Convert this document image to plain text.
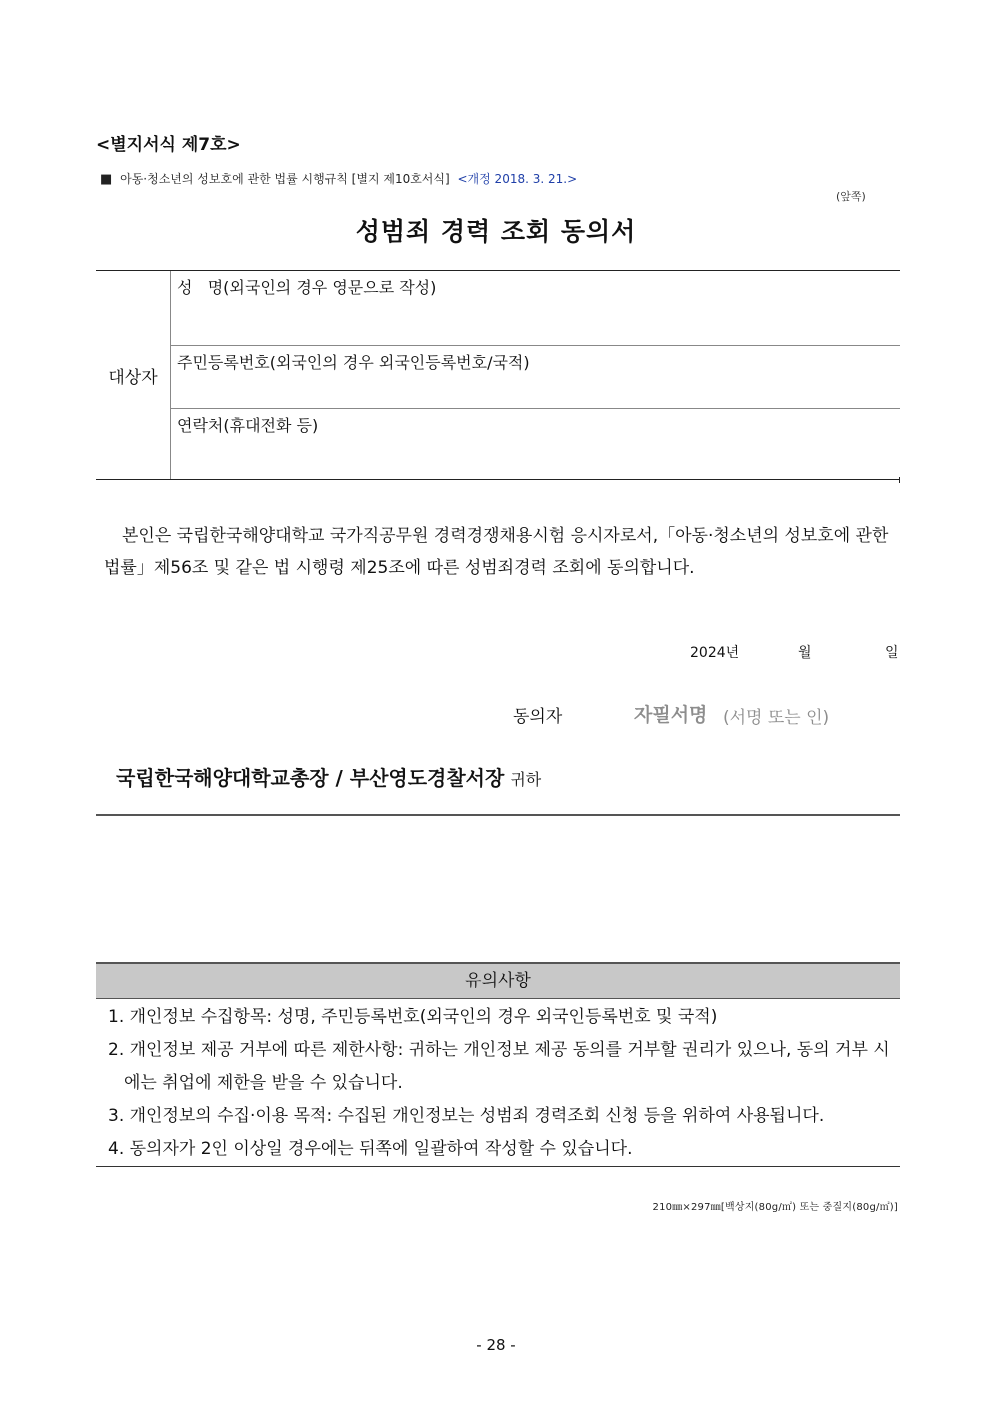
<별지서식 제7호>
■ 아동·청소년의 성보호에 관한 법률 시행규칙 [별지 제10호서식] <개정 2018. 3. 21.>
(앞쪽)
성범죄 경력 조회 동의서
대상자
성   명(외국인의 경우 영문으로 작성)
주민등록번호(외국인의 경우 외국인등록번호/국적)
연락처(휴대전화 등)
본인은 국립한국해양대학교 국가직공무원 경력경쟁채용시험 응시자로서,「아동·청소년의 성보호에 관한 법률」제56조 및 같은 법 시행령 제25조에 따른 성범죄경력 조회에 동의합니다.
2024년	월	일
동의자	자필서명 (서명 또는 인)
국립한국해양대학교총장 / 부산영도경찰서장 귀하
유의사항
1. 개인정보 수집항목: 성명, 주민등록번호(외국인의 경우 외국인등록번호 및 국적)
2. 개인정보 제공 거부에 따른 제한사항: 귀하는 개인정보 제공 동의를 거부할 권리가 있으나, 동의 거부 시에는 취업에 제한을 받을 수 있습니다.
3. 개인정보의 수집·이용 목적: 수집된 개인정보는 성범죄 경력조회 신청 등을 위하여 사용됩니다.
4. 동의자가 2인 이상일 경우에는 뒤쪽에 일괄하여 작성할 수 있습니다.
210㎜×297㎜[백상지(80g/㎡) 또는 중질지(80g/㎡)]
- 28 -
